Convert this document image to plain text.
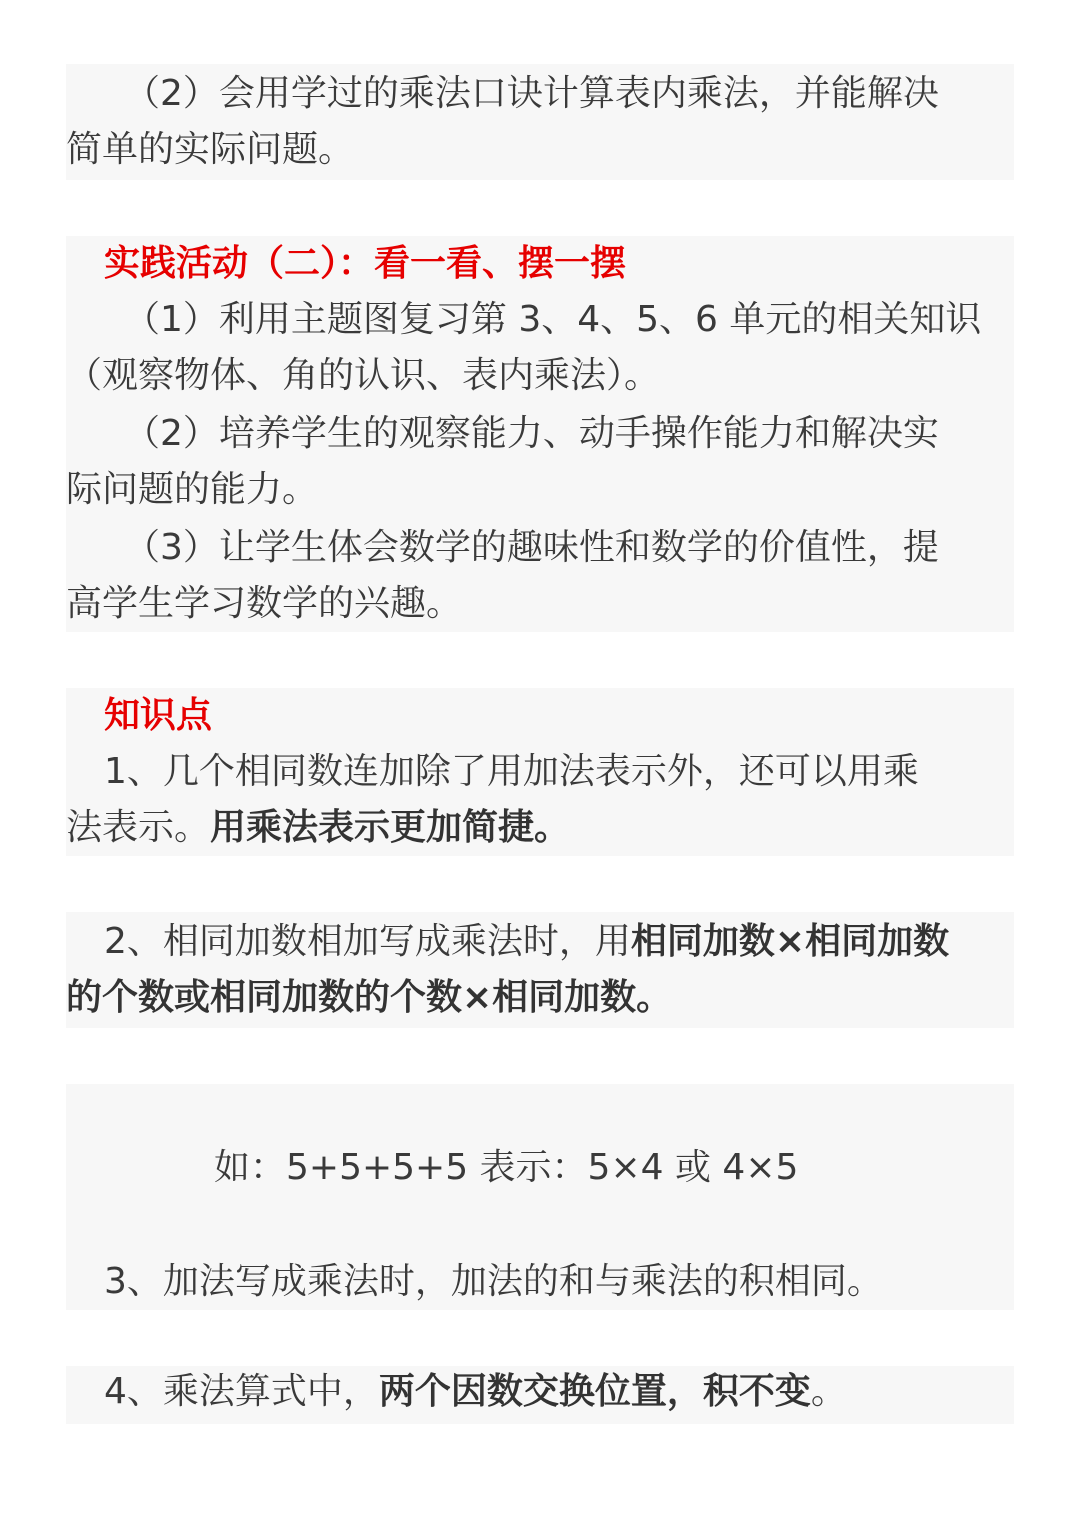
（2）会用学过的乘法口诀计算表内乘法，并能解决
简单的实际问题。
实践活动（二）：看一看、摆一摆
（1）利用主题图复习第 3、4、5、6 单元的相关知识
（观察物体、角的认识、表内乘法）。
（2）培养学生的观察能力、动手操作能力和解决实
际问题的能力。
（3）让学生体会数学的趣味性和数学的价值性，提
高学生学习数学的兴趣。
知识点
1、几个相同数连加除了用加法表示外，还可以用乘
法表示。用乘法表示更加简捷。
2、相同加数相加写成乘法时，用相同加数×相同加数
的个数或相同加数的个数×相同加数。
如：5+5+5+5 表示：5×4 或 4×5
3、加法写成乘法时，加法的和与乘法的积相同。
4、乘法算式中，两个因数交换位置，积不变。
